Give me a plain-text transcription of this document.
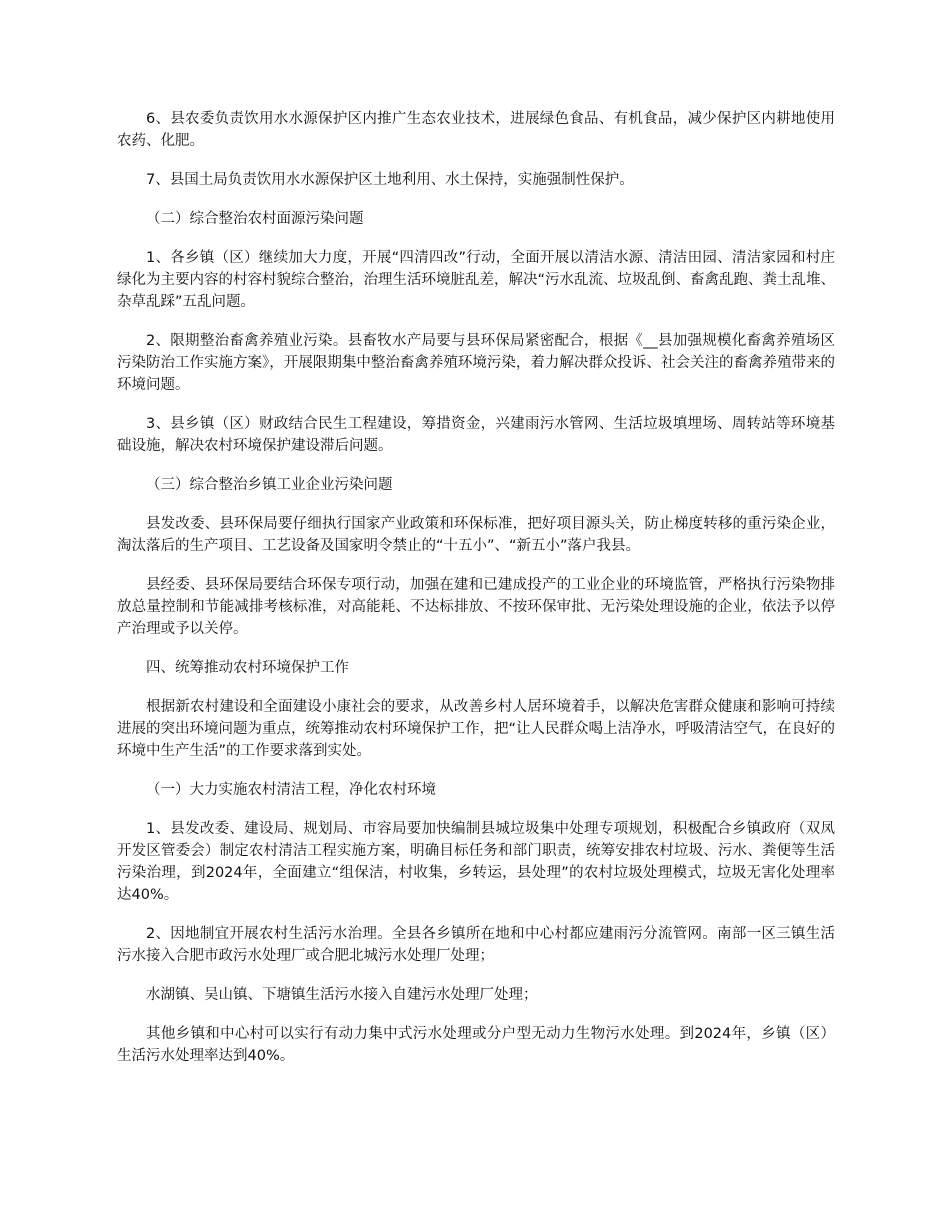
6、县农委负责饮用水水源保护区内推广生态农业技术，进展绿色食品、有机食品，减少保护区内耕地使用农药、化肥。

7、县国土局负责饮用水水源保护区土地利用、水土保持，实施强制性保护。

（二）综合整治农村面源污染问题

1、各乡镇（区）继续加大力度，开展“四清四改”行动，全面开展以清洁水源、清洁田园、清洁家园和村庄绿化为主要内容的村容村貌综合整治，治理生活环境脏乱差，解决“污水乱流、垃圾乱倒、畜禽乱跑、粪土乱堆、杂草乱踩”五乱问题。

2、限期整治畜禽养殖业污染。县畜牧水产局要与县环保局紧密配合，根据《__县加强规模化畜禽养殖场区污染防治工作实施方案》，开展限期集中整治畜禽养殖环境污染，着力解决群众投诉、社会关注的畜禽养殖带来的环境问题。

3、县乡镇（区）财政结合民生工程建设，筹措资金，兴建雨污水管网、生活垃圾填埋场、周转站等环境基础设施，解决农村环境保护建设滞后问题。

（三）综合整治乡镇工业企业污染问题

县发改委、县环保局要仔细执行国家产业政策和环保标准，把好项目源头关，防止梯度转移的重污染企业，淘汰落后的生产项目、工艺设备及国家明令禁止的“十五小”、“新五小”落户我县。

县经委、县环保局要结合环保专项行动，加强在建和已建成投产的工业企业的环境监管，严格执行污染物排放总量控制和节能减排考核标准，对高能耗、不达标排放、不按环保审批、无污染处理设施的企业，依法予以停产治理或予以关停。

四、统筹推动农村环境保护工作

根据新农村建设和全面建设小康社会的要求，从改善乡村人居环境着手，以解决危害群众健康和影响可持续进展的突出环境问题为重点，统筹推动农村环境保护工作，把“让人民群众喝上洁净水，呼吸清洁空气，在良好的环境中生产生活”的工作要求落到实处。

（一）大力实施农村清洁工程，净化农村环境

1、县发改委、建设局、规划局、市容局要加快编制县城垃圾集中处理专项规划，积极配合乡镇政府（双凤开发区管委会）制定农村清洁工程实施方案，明确目标任务和部门职责，统筹安排农村垃圾、污水、粪便等生活污染治理，到2024年，全面建立“组保洁，村收集，乡转运，县处理”的农村垃圾处理模式，垃圾无害化处理率达40%。

2、因地制宜开展农村生活污水治理。全县各乡镇所在地和中心村都应建雨污分流管网。南部一区三镇生活污水接入合肥市政污水处理厂或合肥北城污水处理厂处理；

水湖镇、吴山镇、下塘镇生活污水接入自建污水处理厂处理；

其他乡镇和中心村可以实行有动力集中式污水处理或分户型无动力生物污水处理。到2024年，乡镇（区）生活污水处理率达到40%。
